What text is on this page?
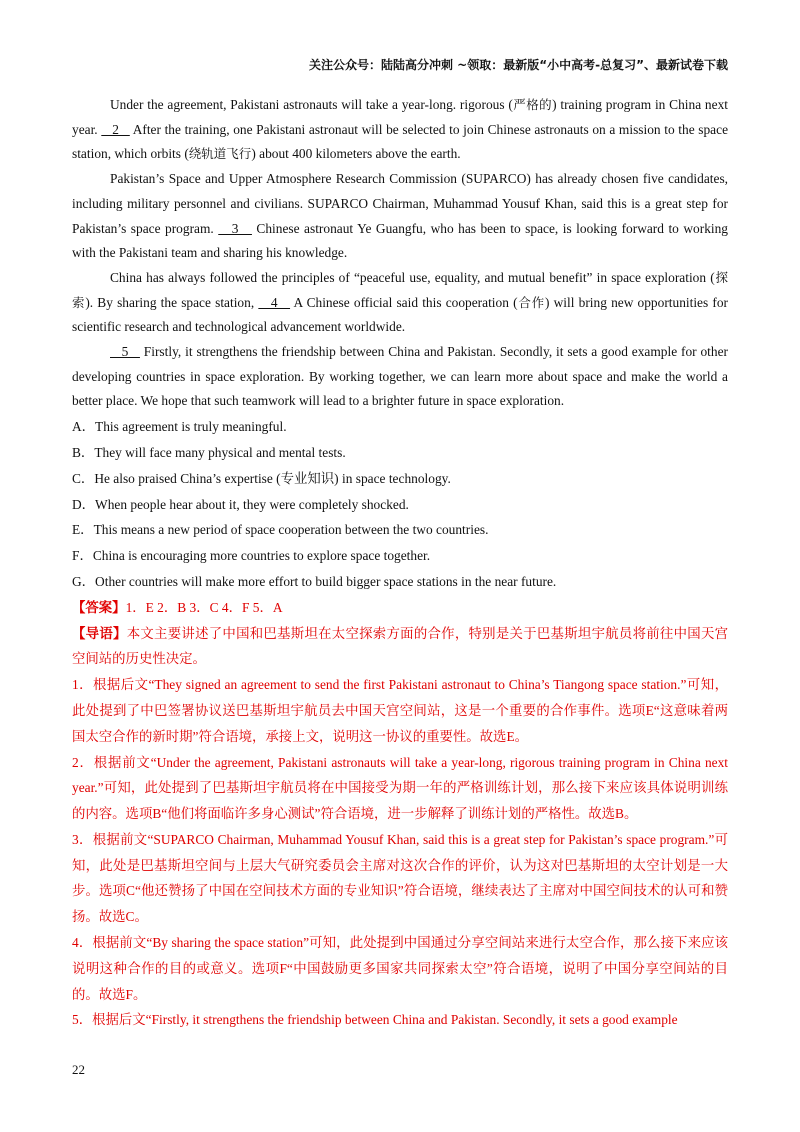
关注公众号：陆陆高分冲刺 ~领取：最新版“小中高考-总复习”、最新试卷下载

Under the agreement, Pakistani astronauts will take a year-long. rigorous (严格的) training program in China next year.    2    After the training, one Pakistani astronaut will be selected to join Chinese astronauts on a mission to the space station, which orbits (绕轨道飞行) about 400 kilometers above the earth.

Pakistan’s Space and Upper Atmosphere Research Commission (SUPARCO) has already chosen five candidates, including military personnel and civilians. SUPARCO Chairman, Muhammad Yousuf Khan, said this is a great step for Pakistan’s space program.    3    Chinese astronaut Ye Guangfu, who has been to space, is looking forward to working with the Pakistani team and sharing his knowledge.

China has always followed the principles of “peaceful use, equality, and mutual benefit” in space exploration (探索). By sharing the space station,    4    A Chinese official said this cooperation (合作) will bring new opportunities for scientific research and technological advancement worldwide.

5    Firstly, it strengthens the friendship between China and Pakistan. Secondly, it sets a good example for other developing countries in space exploration. By working together, we can learn more about space and make the world a better place. We hope that such teamwork will lead to a brighter future in space exploration.

A．This agreement is truly meaningful.

B．They will face many physical and mental tests.

C．He also praised China’s expertise (专业知识) in space technology.

D．When people hear about it, they were completely shocked.

E．This means a new period of space cooperation between the two countries.

F．China is encouraging more countries to explore space together.

G．Other countries will make more effort to build bigger space stations in the near future.

【答案】1．E 2．B 3．C 4．F 5．A

【导语】本文主要讲述了中国和巴基斯坦在太空探索方面的合作，特别是关于巴基斯坦宇航员将前往中国天宫空间站的历史性决定。

1．根据后文“They signed an agreement to send the first Pakistani astronaut to China’s Tiangong space station.”可知，此处提到了中巴签署协议送巴基斯坦宇航员去中国天宫空间站，这是一个重要的合作事件。选项E“这意味着两国太空合作的新时期”符合语境，承接上文，说明这一协议的重要性。故选E。

2．根据前文“Under the agreement, Pakistani astronauts will take a year-long, rigorous training program in China next year.”可知，此处提到了巴基斯坦宇航员将在中国接受为期一年的严格训练计划，那么接下来应该具体说明训练的内容。选项B“他们将面临许多身心测试”符合语境，进一步解释了训练计划的严格性。故选B。

3．根据前文“SUPARCO Chairman, Muhammad Yousuf Khan, said this is a great step for Pakistan’s space program.”可知，此处是巴基斯坦空间与上层大气研究委员会主席对这次合作的评价，认为这对巴基斯坦的太空计划是一大步。选项C“他还赞扬了中国在空间技术方面的专业知识”符合语境，继续表达了主席对中国空间技术的认可和赞扬。故选C。

4．根据前文“By sharing the space station”可知，此处提到中国通过分享空间站来进行太空合作，那么接下来应该说明这种合作的目的或意义。选项F“中国鼓励更多国家共同探索太空”符合语境，说明了中国分享空间站的目的。故选F。

5．根据后文“Firstly, it strengthens the friendship between China and Pakistan. Secondly, it sets a good example

22
